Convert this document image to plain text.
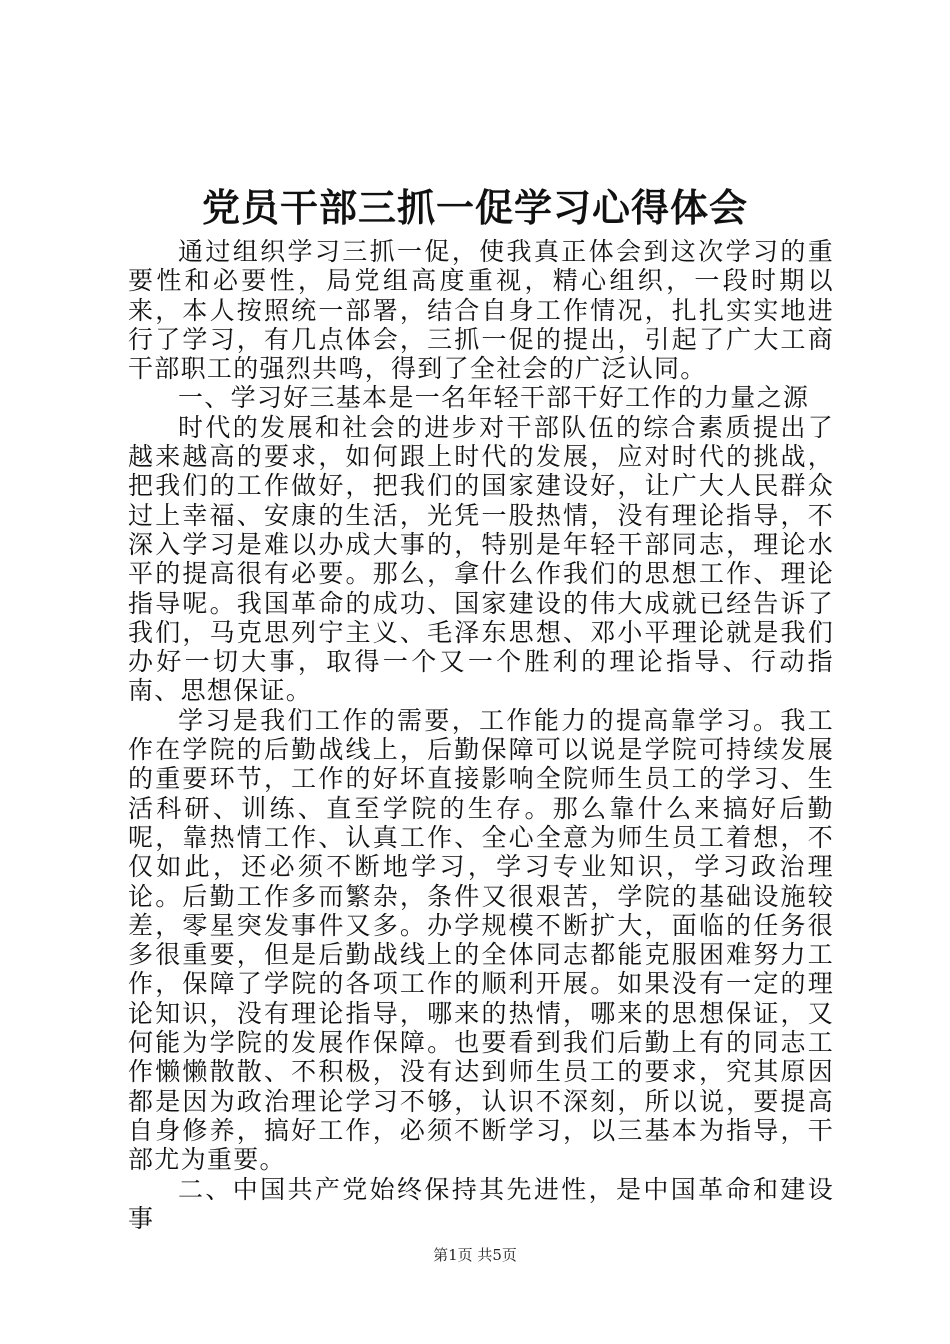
党员干部三抓一促学习心得体会

通过组织学习三抓一促，使我真正体会到这次学习的重要性和必要性，局党组高度重视，精心组织，一段时期以来，本人按照统一部署，结合自身工作情况，扎扎实实地进行了学习，有几点体会，三抓一促的提出，引起了广大工商干部职工的强烈共鸣，得到了全社会的广泛认同。

一、学习好三基本是一名年轻干部干好工作的力量之源

时代的发展和社会的进步对干部队伍的综合素质提出了越来越高的要求，如何跟上时代的发展，应对时代的挑战，把我们的工作做好，把我们的国家建设好，让广大人民群众过上幸福、安康的生活，光凭一股热情，没有理论指导，不深入学习是难以办成大事的，特别是年轻干部同志，理论水平的提高很有必要。那么，拿什么作我们的思想工作、理论指导呢。我国革命的成功、国家建设的伟大成就已经告诉了我们，马克思列宁主义、毛泽东思想、邓小平理论就是我们办好一切大事，取得一个又一个胜利的理论指导、行动指南、思想保证。

学习是我们工作的需要，工作能力的提高靠学习。我工作在学院的后勤战线上，后勤保障可以说是学院可持续发展的重要环节，工作的好坏直接影响全院师生员工的学习、生活科研、训练、直至学院的生存。那么靠什么来搞好后勤呢，靠热情工作、认真工作、全心全意为师生员工着想，不仅如此，还必须不断地学习，学习专业知识，学习政治理论。后勤工作多而繁杂，条件又很艰苦，学院的基础设施较差，零星突发事件又多。办学规模不断扩大，面临的任务很多很重要，但是后勤战线上的全体同志都能克服困难努力工作，保障了学院的各项工作的顺利开展。如果没有一定的理论知识，没有理论指导，哪来的热情，哪来的思想保证，又何能为学院的发展作保障。也要看到我们后勤上有的同志工作懒懒散散、不积极，没有达到师生员工的要求，究其原因都是因为政治理论学习不够，认识不深刻，所以说，要提高自身修养，搞好工作，必须不断学习，以三基本为指导，干部尤为重要。

二、中国共产党始终保持其先进性，是中国革命和建设事

第1页 共5页
